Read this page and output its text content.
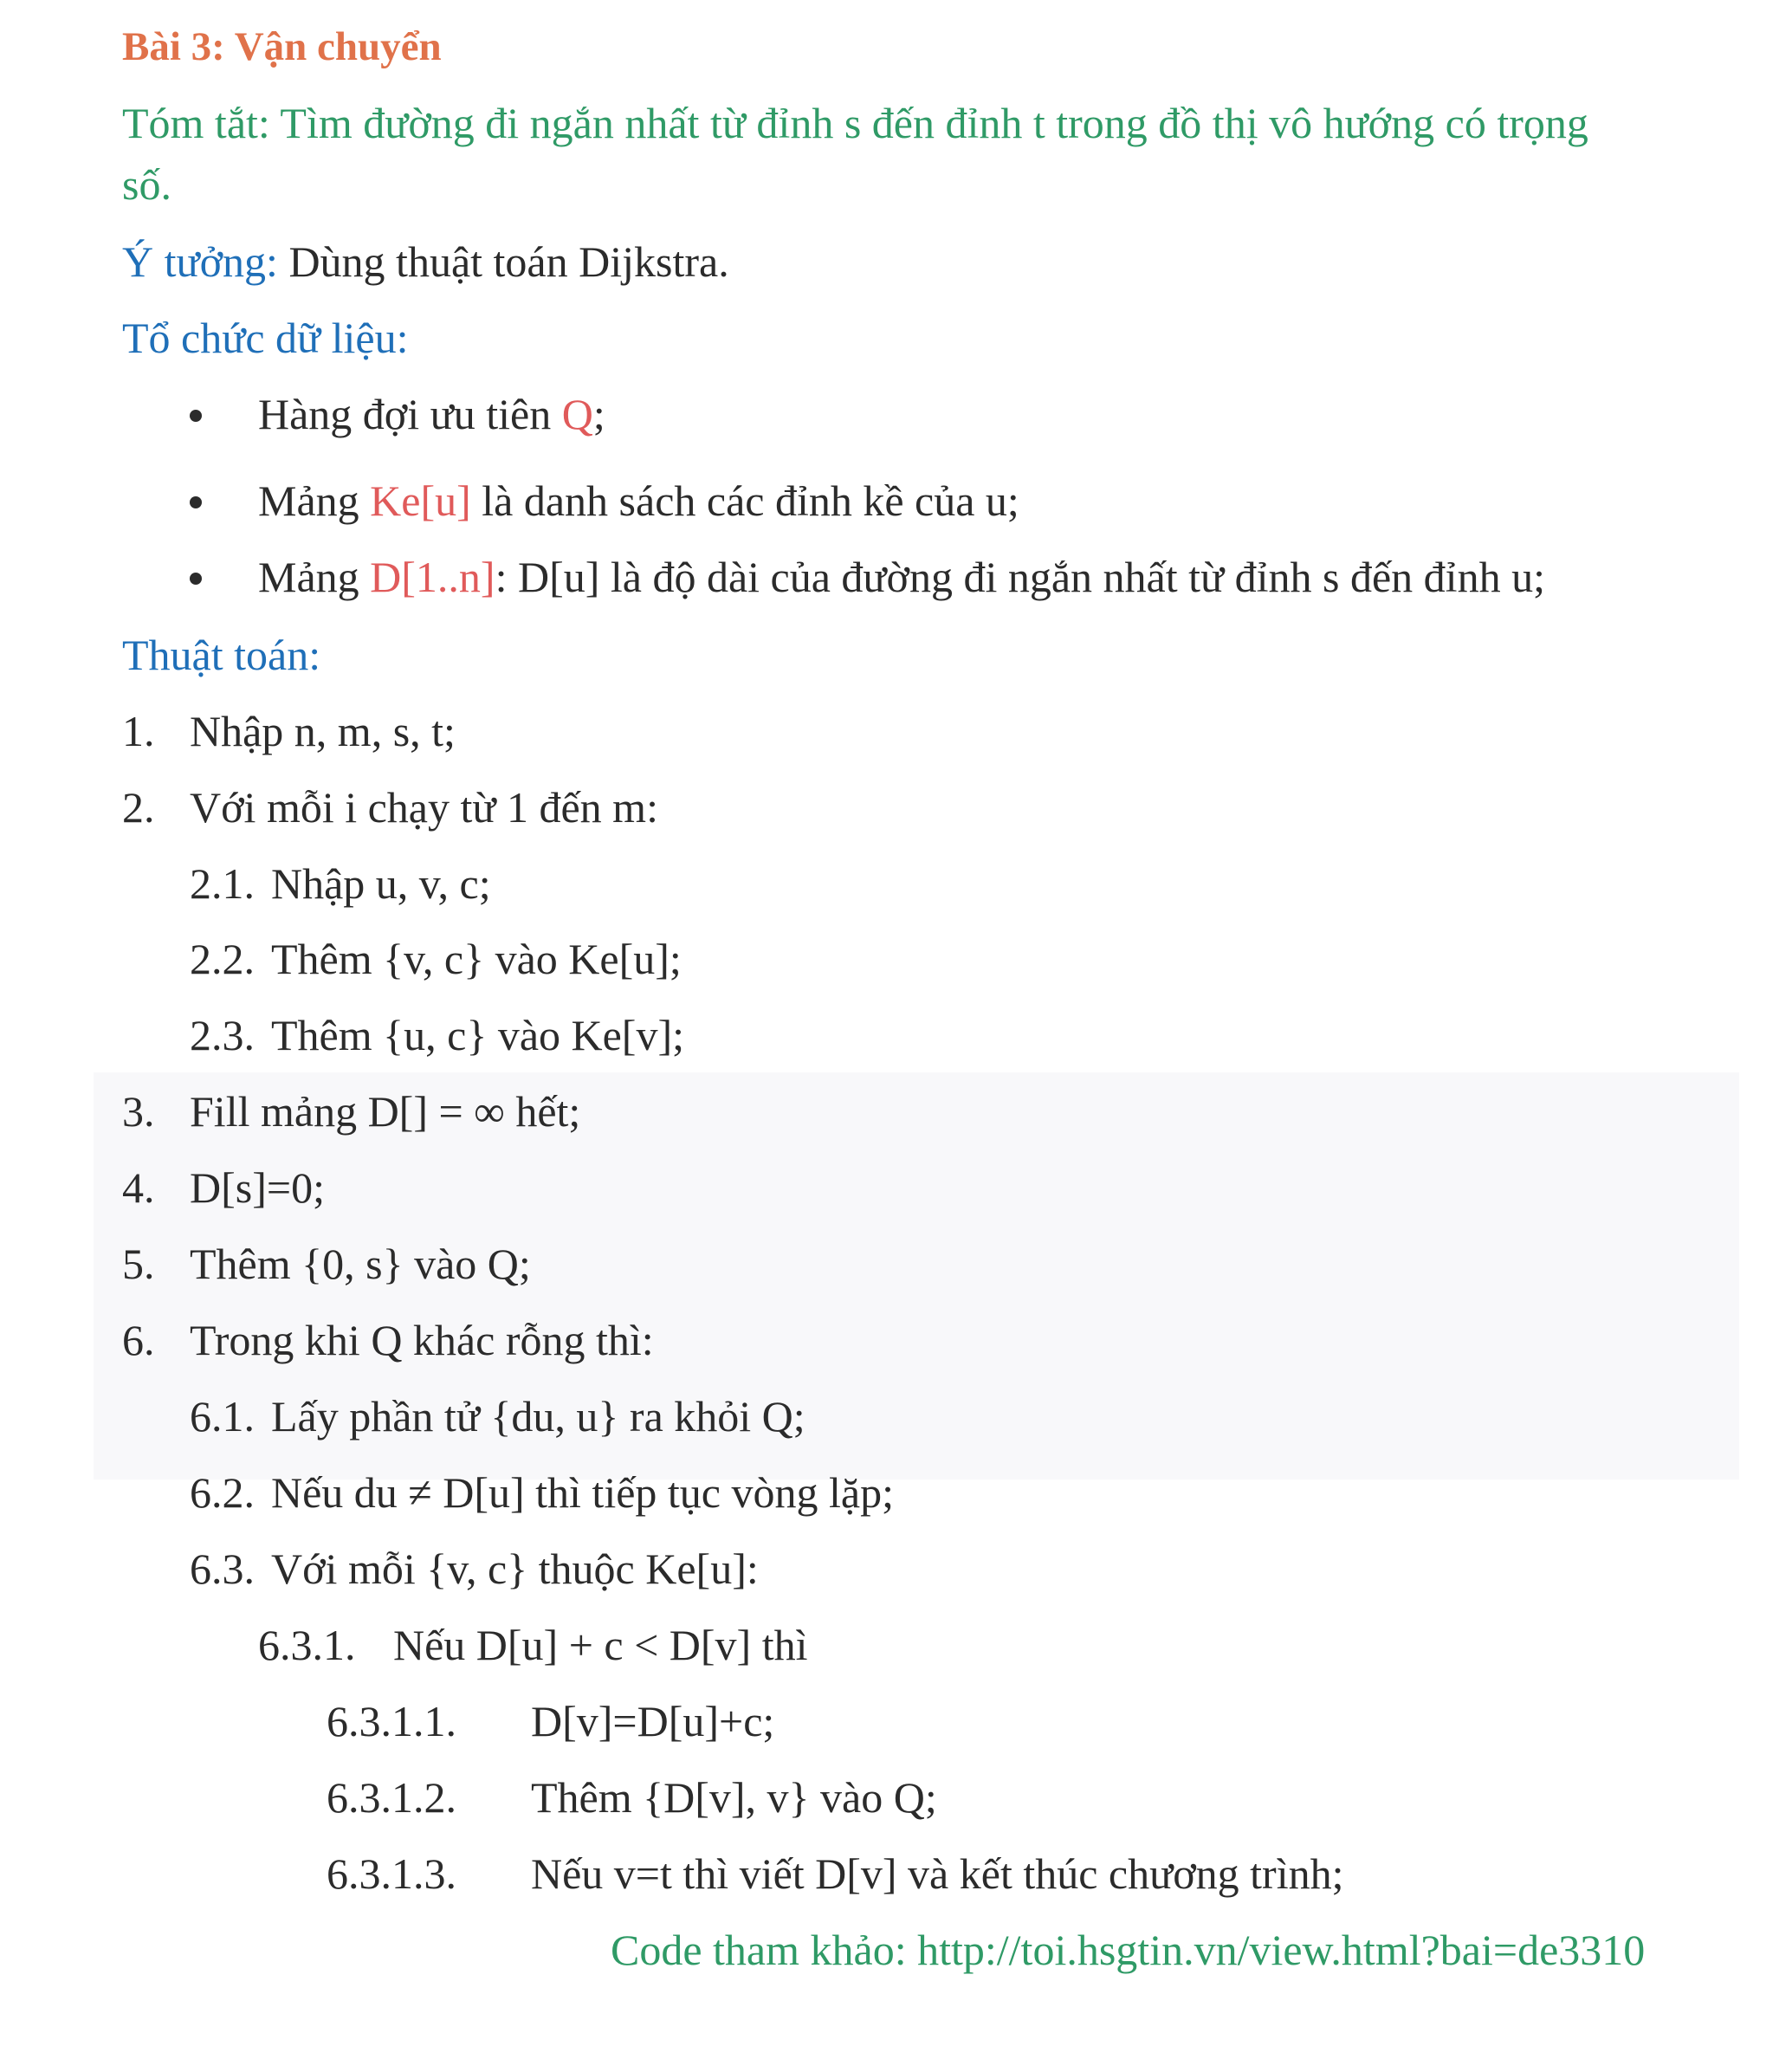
Bài 3: Vận chuyển
Tóm tắt: Tìm đường đi ngắn nhất từ đỉnh s đến đỉnh t trong đồ thị vô hướng có trọng
số.
Ý tưởng: Dùng thuật toán Dijkstra.
Tổ chức dữ liệu:
Hàng đợi ưu tiên Q;
Mảng Ke[u] là danh sách các đỉnh kề của u;
Mảng D[1..n]: D[u] là độ dài của đường đi ngắn nhất từ đỉnh s đến đỉnh u;
Thuật toán:
1. Nhập n, m, s, t;
2. Với mỗi i chạy từ 1 đến m:
2.1. Nhập u, v, c;
2.2. Thêm {v, c} vào Ke[u];
2.3. Thêm {u, c} vào Ke[v];
3. Fill mảng D[] = ∞ hết;
4. D[s]=0;
5. Thêm {0, s} vào Q;
6. Trong khi Q khác rỗng thì:
6.1. Lấy phần tử {du, u} ra khỏi Q;
6.2. Nếu du ≠ D[u] thì tiếp tục vòng lặp;
6.3. Với mỗi {v, c} thuộc Ke[u]:
6.3.1. Nếu D[u] + c < D[v] thì
6.3.1.1. D[v]=D[u]+c;
6.3.1.2. Thêm {D[v], v} vào Q;
6.3.1.3. Nếu v=t thì viết D[v] và kết thúc chương trình;
Code tham khảo: http://toi.hsgtin.vn/view.html?bai=de3310
